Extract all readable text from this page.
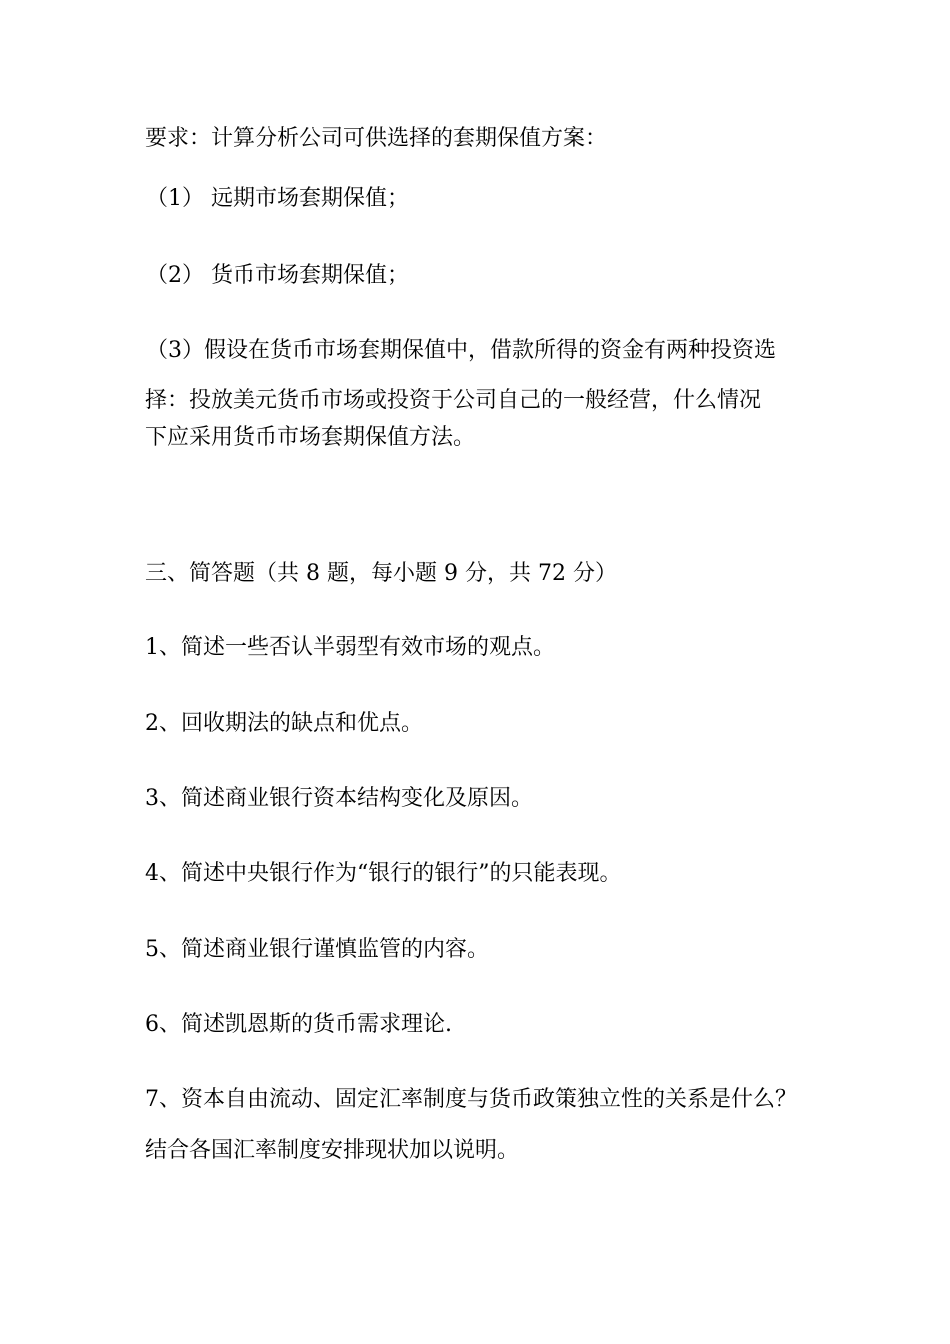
要求：计算分析公司可供选择的套期保值方案：
（1） 远期市场套期保值；
（2） 货币市场套期保值；
（3）假设在货币市场套期保值中，借款所得的资金有两种投资选
择：投放美元货币市场或投资于公司自己的一般经营，什么情况
下应采用货币市场套期保值方法。
三、简答题（共 8 题，每小题 9 分，共 72 分）
1、简述一些否认半弱型有效市场的观点。
2、回收期法的缺点和优点。
3、简述商业银行资本结构变化及原因。
4、简述中央银行作为“银行的银行”的只能表现。
5、简述商业银行谨慎监管的内容。
6、简述凯恩斯的货币需求理论.
7、资本自由流动、固定汇率制度与货币政策独立性的关系是什么？
结合各国汇率制度安排现状加以说明。
